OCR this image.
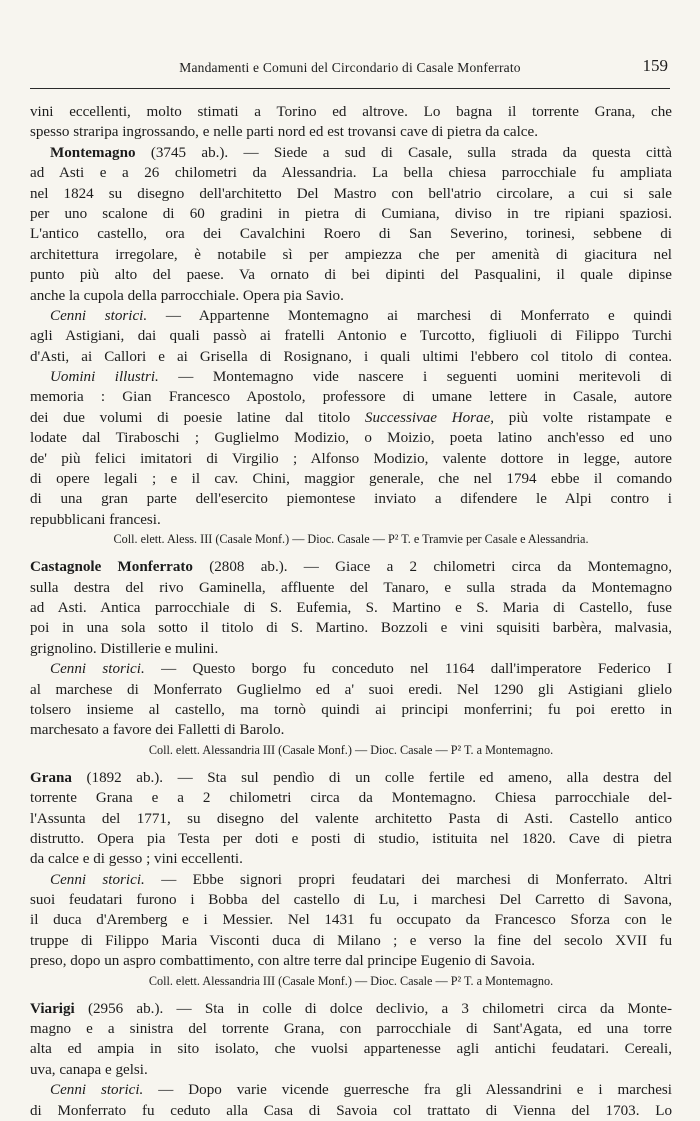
Mandamenti e Comuni del Circondario di Casale Monferrato	159
vini eccellenti, molto stimati a Torino ed altrove. Lo bagna il torrente Grana, che
spesso straripa ingrossando, e nelle parti nord ed est trovansi cave di pietra da calce.
Montemagno (3745 ab.). — Siede a sud di Casale, sulla strada da questa città
ad Asti e a 26 chilometri da Alessandria. La bella chiesa parrocchiale fu ampliata
nel 1824 su disegno dell'architetto Del Mastro con bell'atrio circolare, a cui si sale
per uno scalone di 60 gradini in pietra di Cumiana, diviso in tre ripiani spaziosi.
L'antico castello, ora dei Cavalchini Roero di San Severino, torinesi, sebbene di
architettura irregolare, è notabile sì per ampiezza che per amenità di giacitura nel
punto più alto del paese. Va ornato di bei dipinti del Pasqualini, il quale dipinse
anche la cupola della parrocchiale. Opera pia Savio.
Cenni storici. — Appartenne Montemagno ai marchesi di Monferrato e quindi
agli Astigiani, dai quali passò ai fratelli Antonio e Turcotto, figliuoli di Filippo Turchi
d'Asti, ai Callori e ai Grisella di Rosignano, i quali ultimi l'ebbero col titolo di contea.
Uomini illustri. — Montemagno vide nascere i seguenti uomini meritevoli di
memoria : Gian Francesco Apostolo, professore di umane lettere in Casale, autore
dei due volumi di poesie latine dal titolo Successivae Horae, più volte ristampate e
lodate dal Tiraboschi ; Guglielmo Modizio, o Moizio, poeta latino anch'esso ed uno
de' più felici imitatori di Virgilio ; Alfonso Modizio, valente dottore in legge, autore
di opere legali ; e il cav. Chini, maggior generale, che nel 1794 ebbe il comando
di una gran parte dell'esercito piemontese inviato a difendere le Alpi contro i
repubblicani francesi.
Coll. elett. Aless. III (Casale Monf.) — Dioc. Casale — P² T. e Tramvie per Casale e Alessandria.
Castagnole Monferrato (2808 ab.). — Giace a 2 chilometri circa da Montemagno,
sulla destra del rivo Gaminella, affluente del Tanaro, e sulla strada da Montemagno
ad Asti. Antica parrocchiale di S. Eufemia, S. Martino e S. Maria di Castello, fuse
poi in una sola sotto il titolo di S. Martino. Bozzoli e vini squisiti barbèra, malvasia,
grignolino. Distillerie e mulini.
Cenni storici. — Questo borgo fu conceduto nel 1164 dall'imperatore Federico I
al marchese di Monferrato Guglielmo ed a' suoi eredi. Nel 1290 gli Astigiani glielo
tolsero insieme al castello, ma tornò quindi ai principi monferrini; fu poi eretto in
marchesato a favore dei Falletti di Barolo.
Coll. elett. Alessandria III (Casale Monf.) — Dioc. Casale — P² T. a Montemagno.
Grana (1892 ab.). — Sta sul pendìo di un colle fertile ed ameno, alla destra del
torrente Grana e a 2 chilometri circa da Montemagno. Chiesa parrocchiale del-
l'Assunta del 1771, su disegno del valente architetto Pasta di Asti. Castello antico
distrutto. Opera pia Testa per doti e posti di studio, istituita nel 1820. Cave di pietra
da calce e di gesso ; vini eccellenti.
Cenni storici. — Ebbe signori propri feudatari dei marchesi di Monferrato. Altri
suoi feudatari furono i Bobba del castello di Lu, i marchesi Del Carretto di Savona,
il duca d'Aremberg e i Messier. Nel 1431 fu occupato da Francesco Sforza con le
truppe di Filippo Maria Visconti duca di Milano ; e verso la fine del secolo XVII fu
preso, dopo un aspro combattimento, con altre terre dal principe Eugenio di Savoia.
Coll. elett. Alessandria III (Casale Monf.) — Dioc. Casale — P² T. a Montemagno.
Viarigi (2956 ab.). — Sta in colle di dolce declivio, a 3 chilometri circa da Monte-
magno e a sinistra del torrente Grana, con parrocchiale di Sant'Agata, ed una torre
alta ed ampia in sito isolato, che vuolsi appartenesse agli antichi feudatari. Cereali,
uva, canapa e gelsi.
Cenni storici. — Dopo varie vicende guerresche fra gli Alessandrini e i marchesi
di Monferrato fu ceduto alla Casa di Savoia col trattato di Vienna del 1703. Lo
